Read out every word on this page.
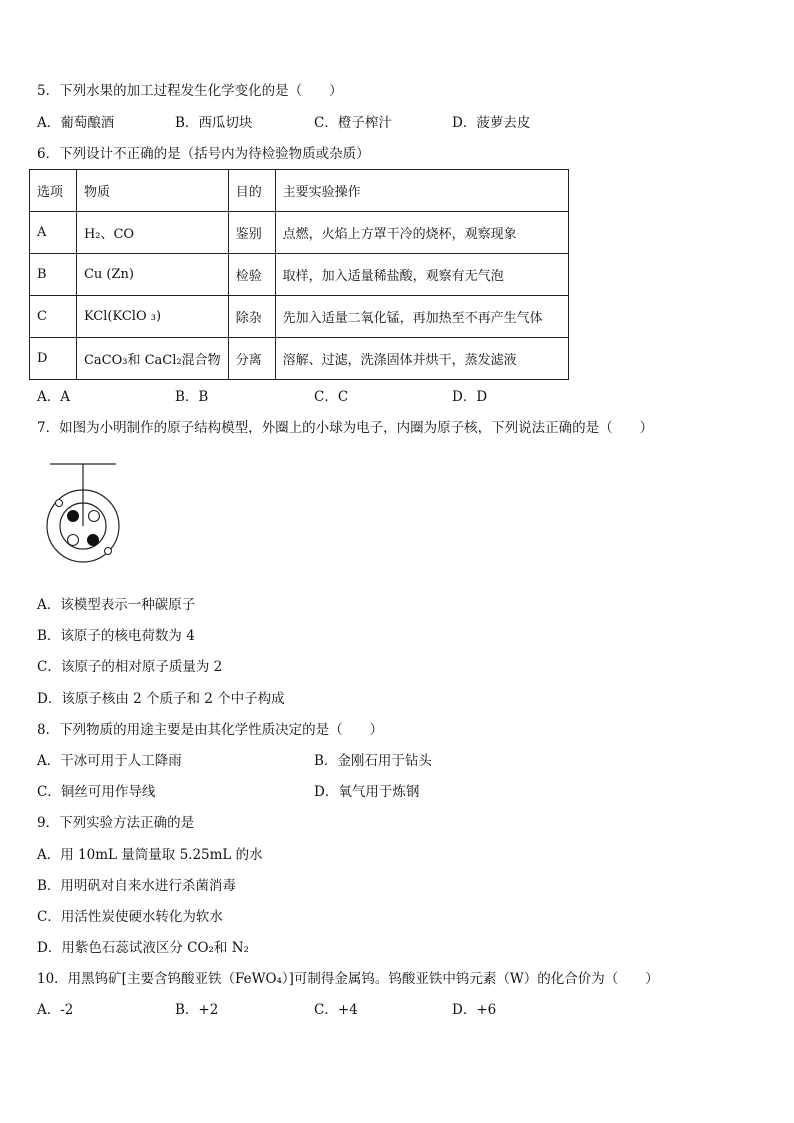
5．下列水果的加工过程发生化学变化的是（　　）
A．葡萄酿酒	B．西瓜切块	C．橙子榨汁	D．菠萝去皮
6．下列设计不正确的是（括号内为待检验物质或杂质）
选项	物质	目的	主要实验操作
A	H₂、CO	鉴别	点燃，火焰上方罩干冷的烧杯，观察现象
B	Cu (Zn)	检验	取样，加入适量稀盐酸，观察有无气泡
C	KCl(KClO ₃)	除杂	先加入适量二氧化锰，再加热至不再产生气体
D	CaCO₃和 CaCl₂混合物	分离	溶解、过滤，洗涤固体并烘干，蒸发滤液
A．A	B．B	C．C	D．D
7．如图为小明制作的原子结构模型，外圈上的小球为电子，内圈为原子核，下列说法正确的是（　　）
A．该模型表示一种碳原子
B．该原子的核电荷数为 4
C．该原子的相对原子质量为 2
D．该原子核由 2 个质子和 2 个中子构成
8．下列物质的用途主要是由其化学性质决定的是（　　）
A．干冰可用于人工降雨	B．金刚石用于钻头
C．铜丝可用作导线	D．氧气用于炼钢
9．下列实验方法正确的是
A．用 10mL 量筒量取 5.25mL 的水
B．用明矾对自来水进行杀菌消毒
C．用活性炭使硬水转化为软水
D．用紫色石蕊试液区分 CO₂和 N₂
10．用黑钨矿[主要含钨酸亚铁（FeWO₄）]可制得金属钨。钨酸亚铁中钨元素（W）的化合价为（　　）
A．-2	B．+2	C．+4	D．+6
